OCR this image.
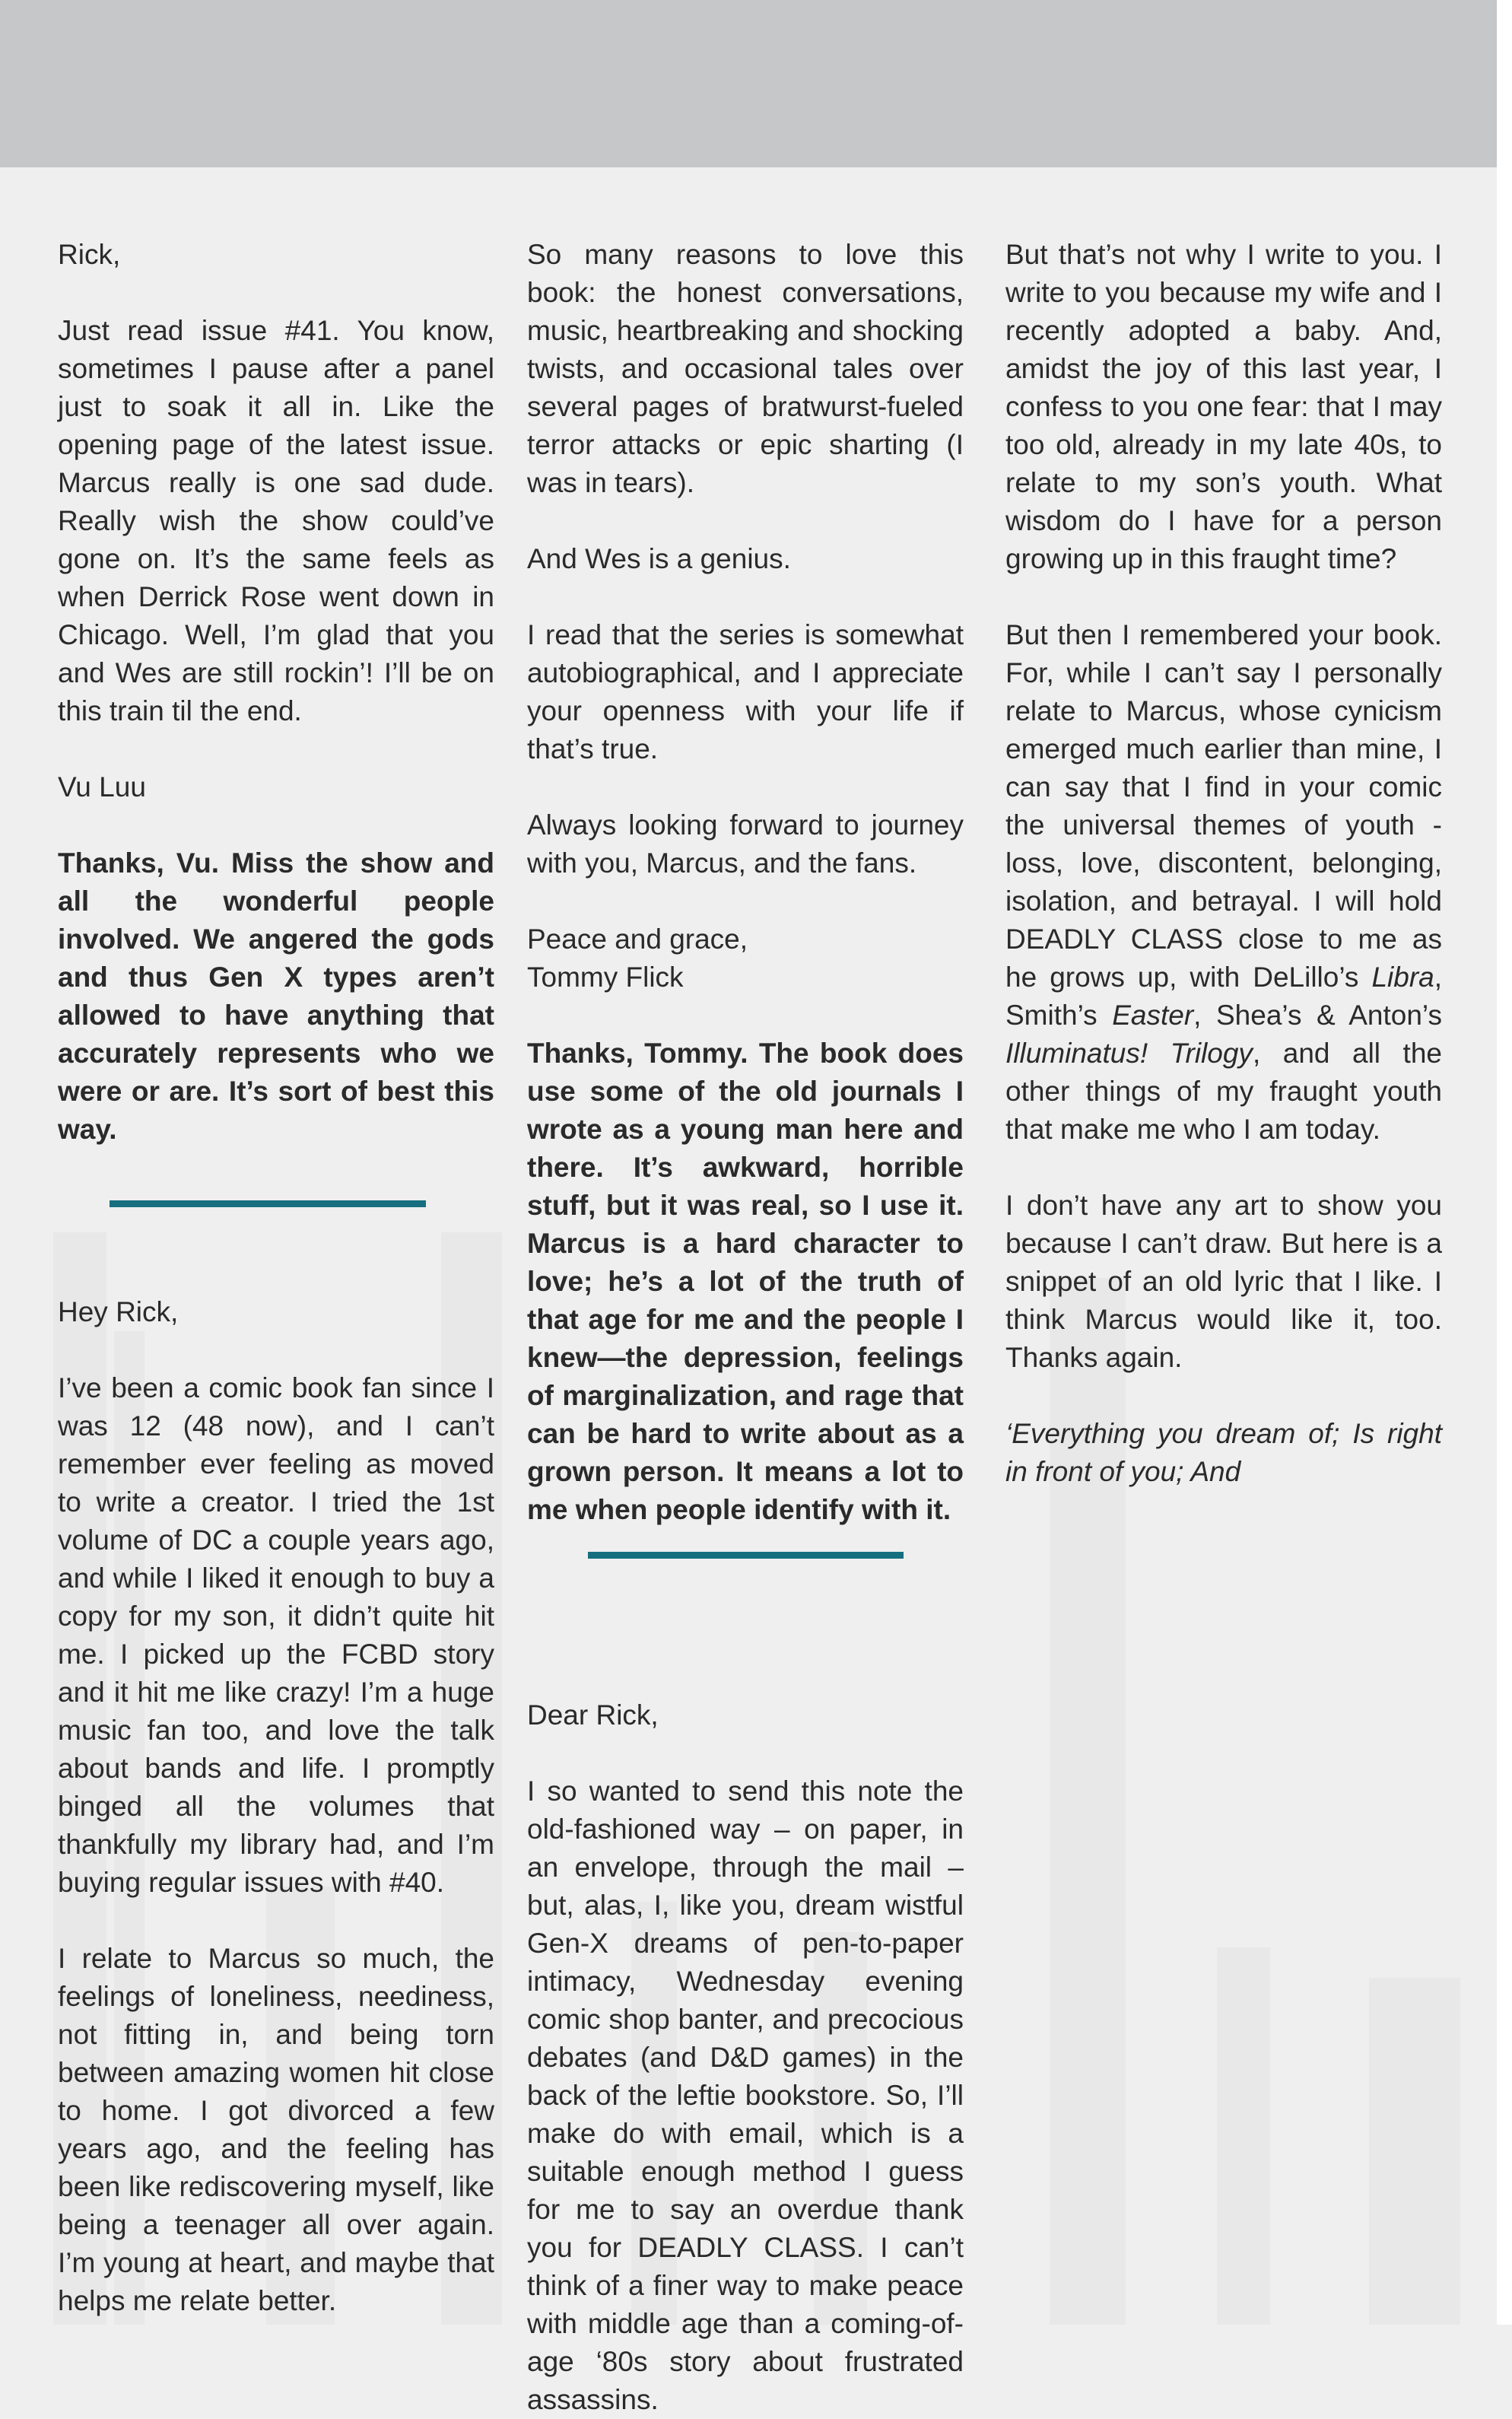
Rick,

Just read issue #41. You know, sometimes I pause after a panel just to soak it all in. Like the opening page of the latest issue. Marcus really is one sad dude. Really wish the show could’ve gone on. It’s the same feels as when Derrick Rose went down in Chicago. Well, I’m glad that you and Wes are still rockin’! I’ll be on this train til the end.

Vu Luu

Thanks, Vu. Miss the show and all the wonderful people involved. We angered the gods and thus Gen X types aren’t allowed to have anything that accurately represents who we were or are. It’s sort of best this way.

Hey Rick,

I’ve been a comic book fan since I was 12 (48 now), and I can’t remember ever feeling as moved to write a creator. I tried the 1st volume of DC a couple years ago, and while I liked it enough to buy a copy for my son, it didn’t quite hit me. I picked up the FCBD story and it hit me like crazy! I’m a huge music fan too, and love the talk about bands and life. I promptly binged all the volumes that thankfully my library had, and I’m buying regular issues with #40.

I relate to Marcus so much, the feelings of loneliness, neediness, not fitting in, and being torn between amazing women hit close to home. I got divorced a few years ago, and the feeling has been like rediscovering myself, like being a teenager all over again. I’m young at heart, and maybe that helps me relate better.

So many reasons to love this book: the honest conversations, music, heartbreaking and shocking twists, and occasional tales over several pages of bratwurst-fueled terror attacks or epic sharting (I was in tears).

And Wes is a genius.

I read that the series is somewhat autobiographical, and I appreciate your openness with your life if that’s true.

Always looking forward to journey with you, Marcus, and the fans.

Peace and grace,

Tommy Flick

Thanks, Tommy. The book does use some of the old journals I wrote as a young man here and there. It’s awkward, horrible stuff, but it was real, so I use it. Marcus is a hard character to love; he’s a lot of the truth of that age for me and the people I knew—the depression, feelings of marginalization, and rage that can be hard to write about as a grown person. It means a lot to me when people identify with it.

Dear Rick,

I so wanted to send this note the old-fashioned way – on paper, in an envelope, through the mail – but, alas, I, like you, dream wistful Gen-X dreams of pen-to-paper intimacy, Wednesday evening comic shop banter, and precocious debates (and D&D games) in the back of the leftie bookstore. So, I’ll make do with email, which is a suitable enough method I guess for me to say an overdue thank you for DEADLY CLASS. I can’t think of a finer way to make peace with middle age than a coming-of-age ‘80s story about frustrated assassins.

But that’s not why I write to you. I write to you because my wife and I recently adopted a baby. And, amidst the joy of this last year, I confess to you one fear: that I may too old, already in my late 40s, to relate to my son’s youth. What wisdom do I have for a person growing up in this fraught time?

But then I remembered your book. For, while I can’t say I personally relate to Marcus, whose cynicism emerged much earlier than mine, I can say that I find in your comic the universal themes of youth - loss, love, discontent, belonging, isolation, and betrayal. I will hold DEADLY CLASS close to me as he grows up, with DeLillo’s Libra, Smith’s Easter, Shea’s & Anton’s Illuminatus! Trilogy, and all the other things of my fraught youth that make me who I am today.

I don’t have any art to show you because I can’t draw. But here is a snippet of an old lyric that I like. I think Marcus would like it, too. Thanks again.

‘Everything you dream of; Is right in front of you; And
